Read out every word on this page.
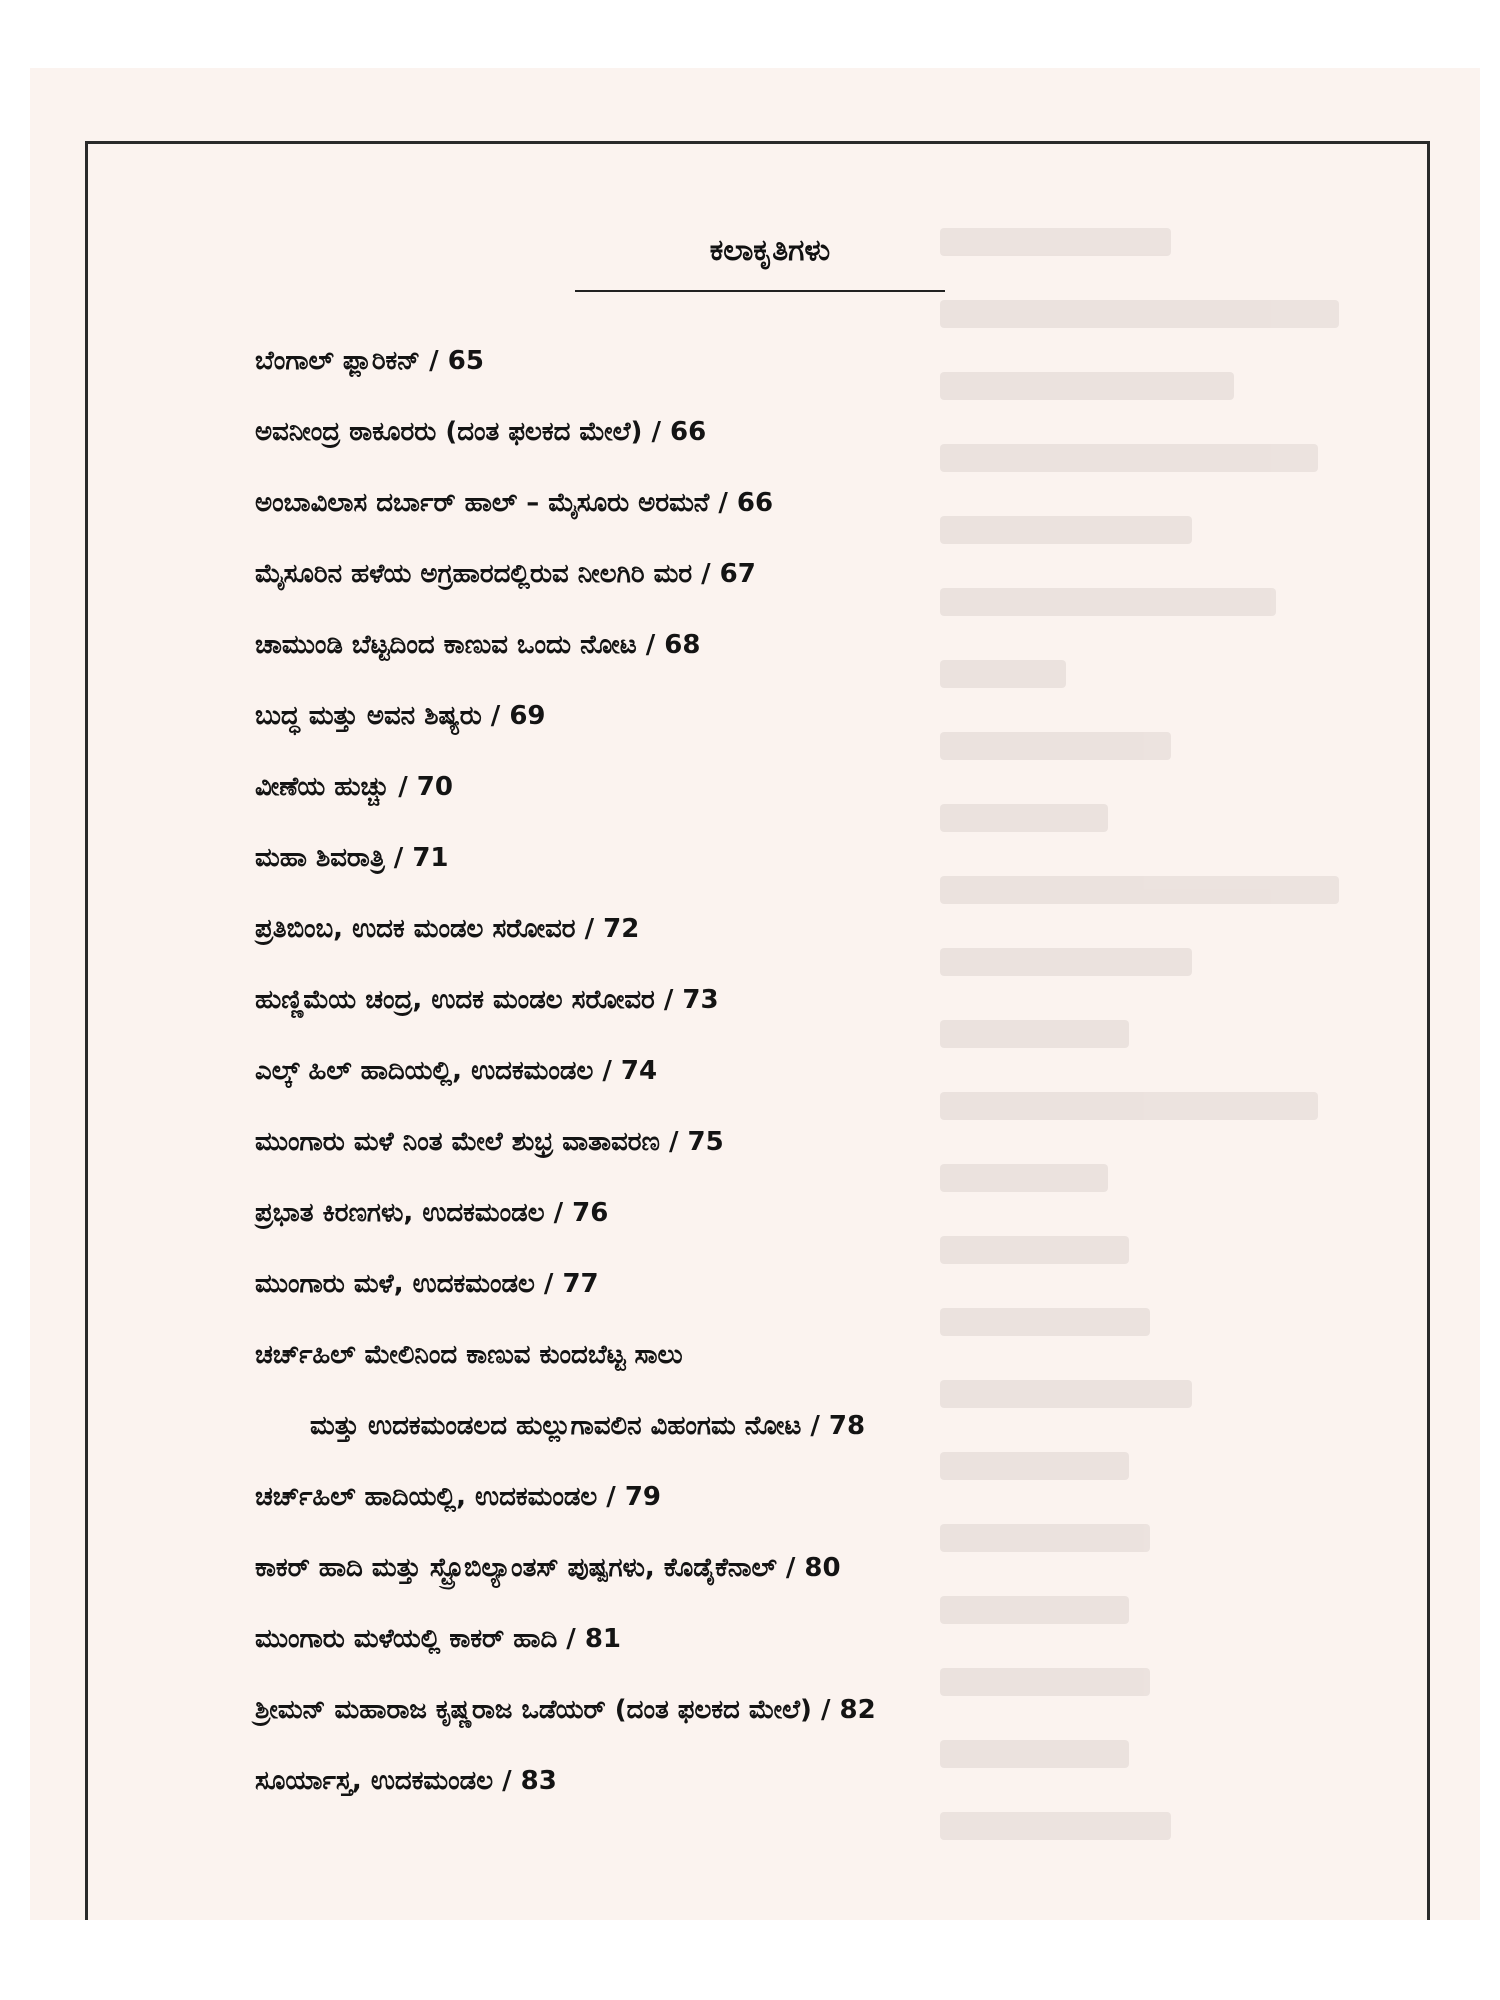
ಕಲಾಕೃತಿಗಳು
ಬೆಂಗಾಲ್ ಫ್ಲಾರಿಕನ್ / 65
ಅವನೀಂದ್ರ ಠಾಕೂರರು (ದಂತ ಫಲಕದ ಮೇಲೆ) / 66
ಅಂಬಾವಿಲಾಸ ದರ್ಬಾರ್ ಹಾಲ್ – ಮೈಸೂರು ಅರಮನೆ / 66
ಮೈಸೂರಿನ ಹಳೆಯ ಅಗ್ರಹಾರದಲ್ಲಿರುವ ನೀಲಗಿರಿ ಮರ / 67
ಚಾಮುಂಡಿ ಬೆಟ್ಟದಿಂದ ಕಾಣುವ ಒಂದು ನೋಟ / 68
ಬುದ್ಧ ಮತ್ತು ಅವನ ಶಿಷ್ಯರು / 69
ವೀಣೆಯ ಹುಚ್ಚು / 70
ಮಹಾ ಶಿವರಾತ್ರಿ / 71
ಪ್ರತಿಬಿಂಬ, ಉದಕ ಮಂಡಲ ಸರೋವರ / 72
ಹುಣ್ಣಿಮೆಯ ಚಂದ್ರ, ಉದಕ ಮಂಡಲ ಸರೋವರ / 73
ಎಲ್ಕ್ ಹಿಲ್ ಹಾದಿಯಲ್ಲಿ, ಉದಕಮಂಡಲ / 74
ಮುಂಗಾರು ಮಳೆ ನಿಂತ ಮೇಲೆ ಶುಭ್ರ ವಾತಾವರಣ / 75
ಪ್ರಭಾತ ಕಿರಣಗಳು, ಉದಕಮಂಡಲ / 76
ಮುಂಗಾರು ಮಳೆ, ಉದಕಮಂಡಲ / 77
ಚರ್ಚ್‌ಹಿಲ್ ಮೇಲಿನಿಂದ ಕಾಣುವ ಕುಂದಬೆಟ್ಟ ಸಾಲು
ಮತ್ತು ಉದಕಮಂಡಲದ ಹುಲ್ಲುಗಾವಲಿನ ವಿಹಂಗಮ ನೋಟ / 78
ಚರ್ಚ್‌ಹಿಲ್ ಹಾದಿಯಲ್ಲಿ, ಉದಕಮಂಡಲ / 79
ಕಾಕರ್ ಹಾದಿ ಮತ್ತು ಸ್ಟ್ರೊಬಿಲ್ಯಾಂತಸ್ ಪುಷ್ಪಗಳು, ಕೊಡೈಕೆನಾಲ್ / 80
ಮುಂಗಾರು ಮಳೆಯಲ್ಲಿ ಕಾಕರ್ ಹಾದಿ / 81
ಶ್ರೀಮನ್ ಮಹಾರಾಜ ಕೃಷ್ಣರಾಜ ಒಡೆಯರ್ (ದಂತ ಫಲಕದ ಮೇಲೆ) / 82
ಸೂರ್ಯಾಸ್ತ, ಉದಕಮಂಡಲ / 83
